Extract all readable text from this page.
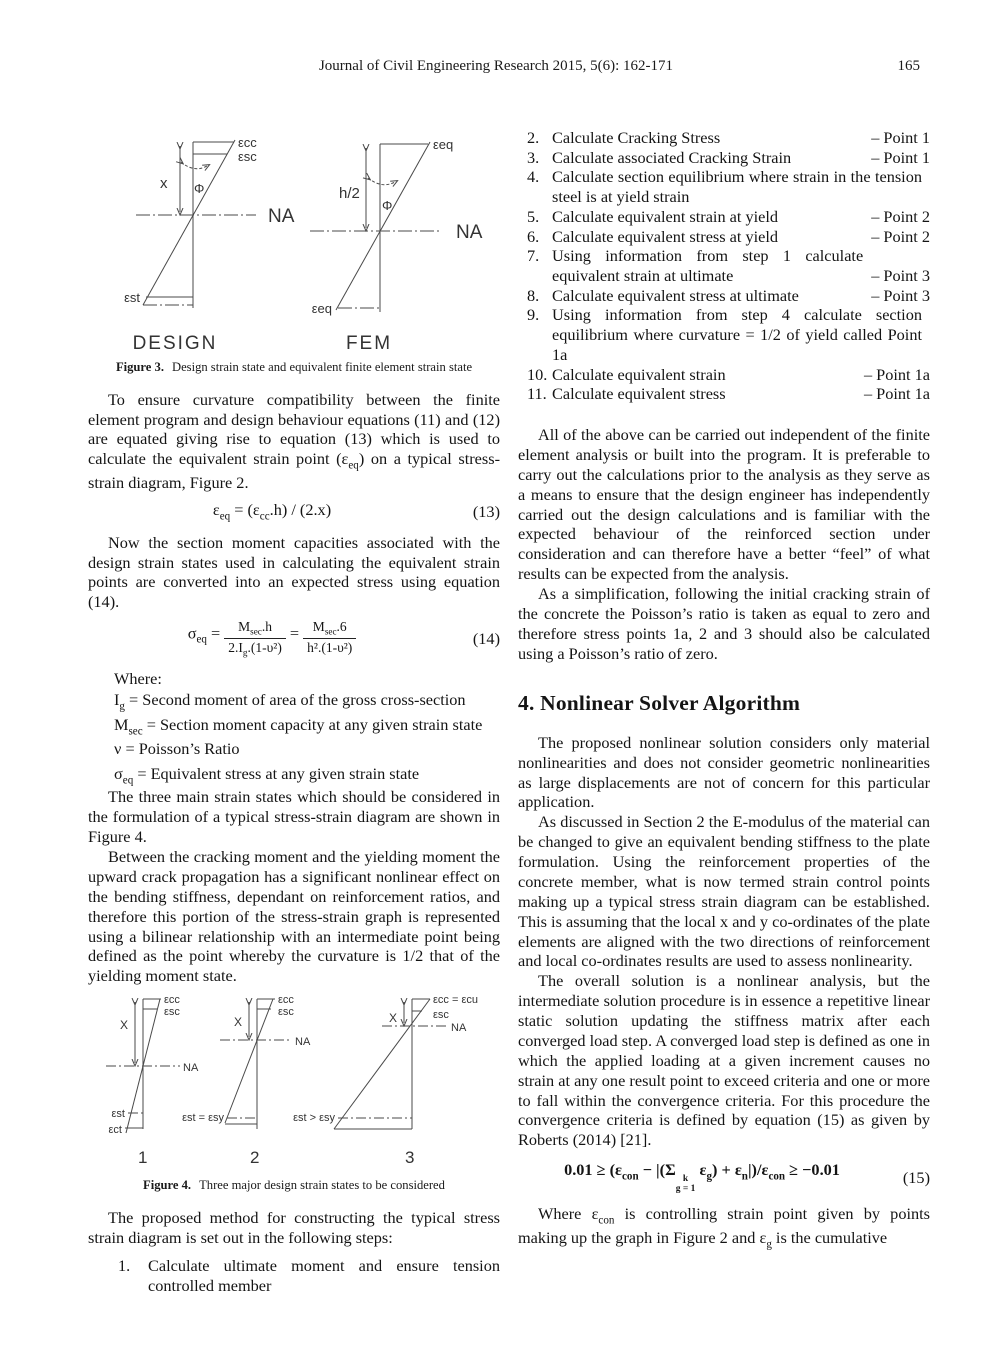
Journal of Civil Engineering Research 2015, 5(6): 162-171	165
εcc
εsc
x Φ
NA
εst
DESIGN
εeq
h/2
Φ
NA
εeq
FEM
Figure 3. Design strain state and equivalent finite element strain state

To ensure curvature compatibility between the finite element program and design behaviour equations (11) and (12) are equated giving rise to equation (13) which is used to calculate the equivalent strain point $(\varepsilon_{eq})$ on a typical stress-strain diagram, Figure 2.

$\varepsilon_{eq} = (\varepsilon_{cc}.h) / (2.x)$	(13)

Now the section moment capacities associated with the design strain states used in calculating the equivalent strain points are converted into an expected stress using equation (14).

$\sigma_{eq} = \frac{M_{sec}.h}{2.I_g.(1-\upsilon^2)} = \frac{M_{sec}.6}{\text{h².(1-υ²)}}$	(14)
Where:
$I_g$ = Second moment of area of the gross cross-section
$M_{sec}$ = Section moment capacity at any given strain state
ν = Poisson’s Ratio
$\sigma_{eq}$ = Equivalent stress at any given strain state

The three main strain states which should be considered in the formulation of a typical stress-strain diagram are shown in Figure 4.

Between the cracking moment and the yielding moment the upward crack propagation has a significant nonlinear effect on the bending stiffness, dependant on reinforcement ratios, and therefore this portion of the stress-strain graph is represented using a bilinear relationship with an intermediate point being defined as the point whereby the curvature is 1/2 that of the yielding moment state.

εcc
εsc
X
NA
εst
εct
1
εcc
εsc
X
NA
εst = εsy
2
εcc = εcu
εsc
X
NA
εst > εsy
3
Figure 4. Three major design strain states to be considered

The proposed method for constructing the typical stress strain diagram is set out in the following steps:

1.	Calculate ultimate moment and ensure tension controlled member
2. Calculate Cracking Stress	– Point 1
3. Calculate associated Cracking Strain	– Point 1
4. Calculate section equilibrium where strain in the tension steel is at yield strain
5. Calculate equivalent strain at yield	– Point 2
6. Calculate equivalent stress at yield	– Point 2
7. Using information from step 1 calculate equivalent strain at ultimate	– Point 3
8. Calculate equivalent stress at ultimate	– Point 3
9. Using information from step 4 calculate section equilibrium where curvature = 1/2 of yield called Point 1a
10. Calculate equivalent strain	– Point 1a
11. Calculate equivalent stress	– Point 1a

All of the above can be carried out independent of the finite element analysis or built into the program. It is preferable to carry out the calculations prior to the analysis as they serve as a means to ensure that the design engineer has independently carried out the design calculations and is familiar with the expected behaviour of the reinforced section under consideration and can therefore have a better “feel” of what results can be expected from the analysis.

As a simplification, following the initial cracking strain of the concrete the Poisson’s ratio is taken as equal to zero and therefore stress points 1a, 2 and 3 should also be calculated using a Poisson’s ratio of zero.

4. Nonlinear Solver Algorithm

The proposed nonlinear solution considers only material nonlinearities and does not consider geometric nonlinearities as large displacements are not of concern for this particular application.

As discussed in Section 2 the E-modulus of the material can be changed to give an equivalent bending stiffness to the plate formulation. Using the reinforcement properties of the concrete member, what is now termed strain control points making up a typical stress strain diagram can be established. This is assuming that the local x and y co-ordinates of the plate elements are aligned with the two directions of reinforcement and local co-ordinates results are used to assess nonlinearity.

The overall solution is a nonlinear analysis, but the intermediate solution procedure is in essence a repetitive linear static solution updating the stiffness matrix after each converged load step. A converged load step is defined as one in which the applied loading at a given increment causes no strain at any one result point to exceed criteria and one or more to fall within the convergence criteria. For this procedure the convergence criteria is defined by equation (15) as given by Roberts (2014) [21].

$0.01 \ge (\varepsilon_{con} - |(\Sigma$ k
g = 1
$\varepsilon_g) + \varepsilon_n|)/\varepsilon_{con} \ge -0.01$	(15)

Where $\varepsilon_{con}$ is controlling strain point given by points making up the graph in Figure 2 and $\varepsilon_g$ is the cumulative
